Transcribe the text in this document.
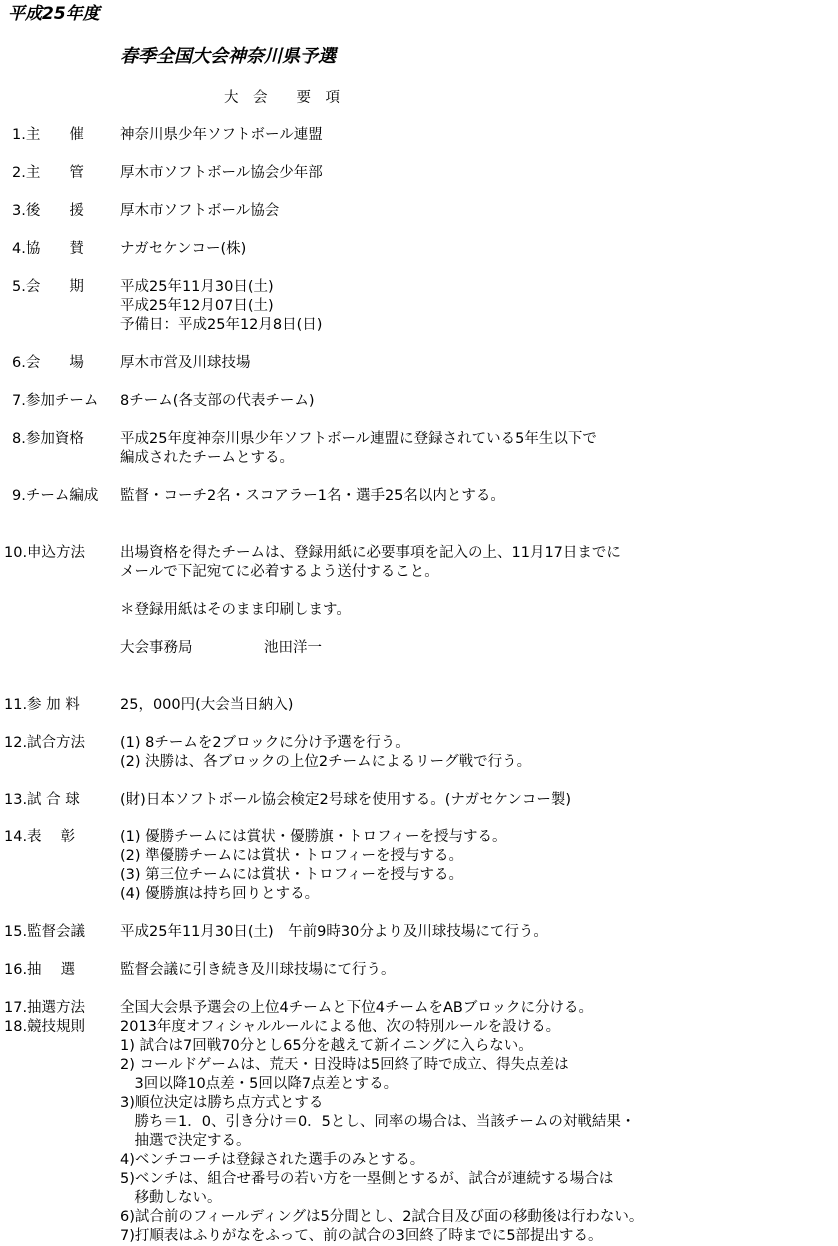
平成25年度
春季全国大会神奈川県予選
大　会　　要　項
1.主　　催 神奈川県少年ソフトボール連盟
2.主　　管 厚木市ソフトボール協会少年部
3.後　　援 厚木市ソフトボール協会
4.協　　賛 ナガセケンコー(株)
5.会　　期 平成25年11月30日(土)
平成25年12月07日(土)
予備日：平成25年12月8日(日)
6.会　　場 厚木市営及川球技場
7.参加チーム 8チーム(各支部の代表チーム)
8.参加資格 平成25年度神奈川県少年ソフトボール連盟に登録されている5年生以下で
編成されたチームとする。
9.チーム編成 監督・コーチ2名・スコアラー1名・選手25名以内とする。
10.申込方法 出場資格を得たチームは、登録用紙に必要事項を記入の上、11月17日までに
メールで下記宛てに必着するよう送付すること。
＊登録用紙はそのまま印刷します。
大会事務局	池田洋一
11.参 加 料	25，000円(大会当日納入)
12.試合方法 (1) 8チームを2ブロックに分け予選を行う。
(2) 決勝は、各ブロックの上位2チームによるリーグ戦で行う。
13.試 合 球	(財)日本ソフトボール協会検定2号球を使用する。(ナガセケンコー製)
14.表　 彰	(1) 優勝チームには賞状・優勝旗・トロフィーを授与する。
(2) 準優勝チームには賞状・トロフィーを授与する。
(3) 第三位チームには賞状・トロフィーを授与する。
(4) 優勝旗は持ち回りとする。
15.監督会議 平成25年11月30日(土)　午前9時30分より及川球技場にて行う。
16.抽　 選	監督会議に引き続き及川球技場にて行う。
17.抽選方法 全国大会県予選会の上位4チームと下位4チームをABブロックに分ける。
18.競技規則 2013年度オフィシャルルールによる他、次の特別ルールを設ける。
1) 試合は7回戦70分とし65分を越えて新イニングに入らない。
2) コールドゲームは、荒天・日没時は5回終了時で成立、得失点差は
　3回以降10点差・5回以降7点差とする。
3)順位決定は勝ち点方式とする
　勝ち＝1．0、引き分け＝0．5とし、同率の場合は、当該チームの対戦結果・
　抽選で決定する。
4)ベンチコーチは登録された選手のみとする。
5)ベンチは、組合せ番号の若い方を一塁側とするが、試合が連続する場合は
　移動しない。
6)試合前のフィールディングは5分間とし、2試合目及び面の移動後は行わない。
7)打順表はふりがなをふって、前の試合の3回終了時までに5部提出する。
